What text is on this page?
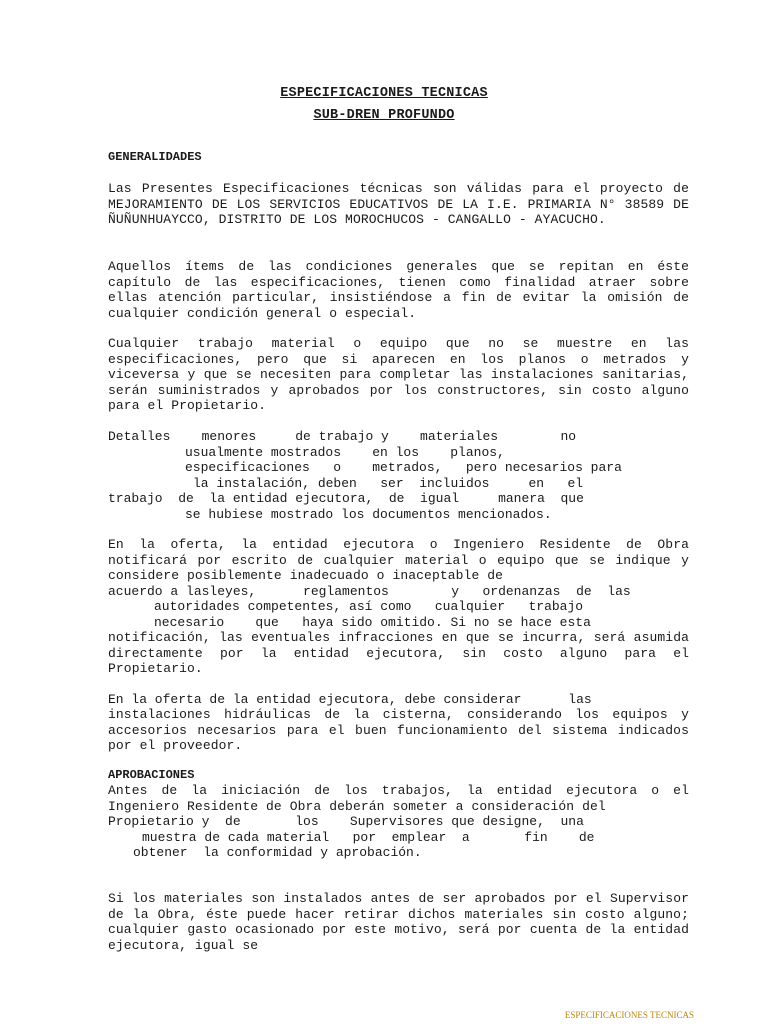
ESPECIFICACIONES TECNICAS
SUB-DREN PROFUNDO
GENERALIDADES
Las Presentes Especificaciones técnicas son válidas para el proyecto de MEJORAMIENTO DE LOS SERVICIOS EDUCATIVOS DE LA I.E. PRIMARIA N° 38589 DE ÑUÑUNHUAYCCO, DISTRITO DE LOS MOROCHUCOS - CANGALLO - AYACUCHO.
Aquellos ítems de las condiciones generales que se repitan en éste capítulo de las especificaciones, tienen como finalidad atraer sobre ellas atención particular, insistiéndose a fin de evitar la omisión de cualquier condición general o especial.
Cualquier trabajo material o equipo que no se muestre en las especificaciones, pero que si aparecen en los planos o metrados y viceversa y que se necesiten para completar las instalaciones sanitarias, serán suministrados y aprobados por los constructores, sin costo alguno para el Propietario.
Detalles    menores     de trabajo y    materiales        no
usualmente mostrados    en los    planos,
especificaciones   o    metrados,   pero necesarios para
la instalación, deben   ser  incluidos     en   el
trabajo  de  la entidad ejecutora,  de  igual     manera  que
se hubiese mostrado los documentos mencionados.
En la oferta, la entidad ejecutora o Ingeniero Residente de Obra notificará por escrito de cualquier material o equipo que se indique y considere posiblemente inadecuado o inaceptable de
acuerdo a lasleyes,      reglamentos        y   ordenanzas  de  las
autoridades competentes, así como   cualquier   trabajo
necesario    que   haya sido omitido. Si no se hace esta
notificación, las eventuales infracciones en que se incurra, será asumida directamente por la entidad ejecutora, sin costo alguno para el Propietario.
En la oferta de la entidad ejecutora, debe considerar      las
instalaciones hidráulicas de la cisterna, considerando los equipos y accesorios necesarios para el buen funcionamiento del sistema indicados por el proveedor.
APROBACIONES
Antes de la iniciación de los trabajos, la entidad ejecutora o el Ingeniero Residente de Obra deberán someter a consideración del
Propietario y  de       los    Supervisores que designe,  una
muestra de cada material   por  emplear  a       fin    de
obtener  la conformidad y aprobación.
Si los materiales son instalados antes de ser aprobados por el Supervisor de la Obra, éste puede hacer retirar dichos materiales sin costo alguno; cualquier gasto ocasionado por este motivo, será por cuenta de la entidad ejecutora, igual se
ESPECIFICACIONES TECNICAS
